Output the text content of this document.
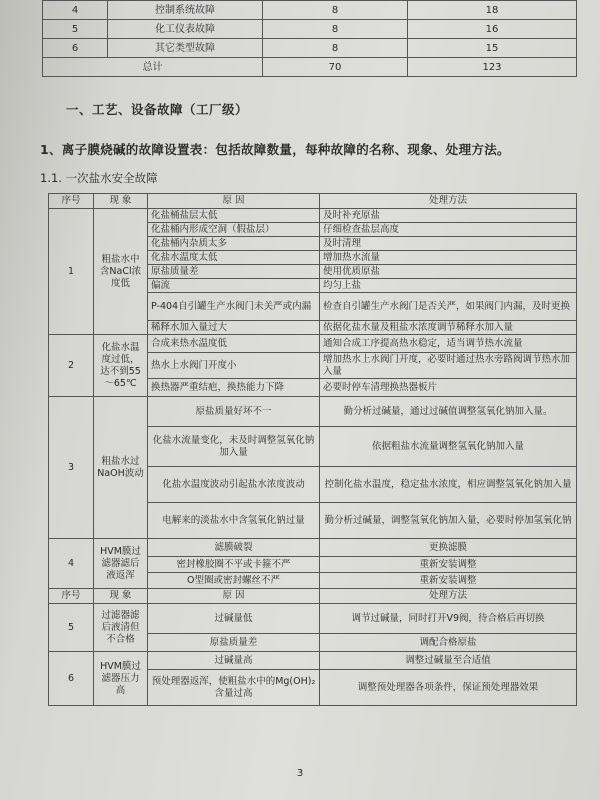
4	控制系统故障	8	18
5	化工仪表故障	8	16
6	其它类型故障	8	15
总计		70	123
一、工艺、设备故障（工厂级）
1、离子膜烧碱的故障设置表：包括故障数量，每种故障的名称、现象、处理方法。
1.1. 一次盐水安全故障
序号	现 象	原 因	处理方法
1	粗盐水中含NaCl浓度低	化盐桶盐层太低	及时补充原盐
		化盐桶内形成空洞（假盐层）	仔细检查盐层高度
		化盐桶内杂质太多	及时清理
		化盐水温度太低	增加热水流量
		原盐质量差	使用优质原盐
		偏流	均匀上盐
		P-404自引罐生产水阀门未关严或内漏	检查自引罐生产水阀门是否关严，如果阀门内漏，及时更换
		稀释水加入量过大	依据化盐水量及粗盐水浓度调节稀释水加入量
2	化盐水温度过低，达不到55～65℃	合成来热水温度低	通知合成工序提高热水稳定，适当调节热水流量
		热水上水阀门开度小	增加热水上水阀门开度，必要时通过热水旁路阀调节热水加入量
		换热器严重结疤，换热能力下降	必要时停车清理换热器板片
3	粗盐水过NaOH波动	原盐质量好坏不一	勤分析过碱量，通过过碱值调整氢氧化钠加入量。
		化盐水流量变化，未及时调整氢氧化钠加入量	依据粗盐水流量调整氢氧化钠加入量
		化盐水温度波动引起盐水浓度波动	控制化盐水温度，稳定盐水浓度，相应调整氢氧化钠加入量
		电解来的淡盐水中含氢氧化钠过量	勤分析过碱量，调整氢氧化钠加入量，必要时停加氢氧化钠
4	HVM膜过滤器滤后液返浑	滤膜破裂	更换滤膜
		密封橡胶圈不平或卡箍不严	重新安装调整
		O型圈或密封螺丝不严	重新安装调整
序号	现 象	原 因	处理方法
5	过滤器滤后液清但不合格	过碱量低	调节过碱量，同时打开V9阀，待合格后再切换
		原盐质量差	调配合格原盐
6	HVM膜过滤器压力高	过碱量高	调整过碱量至合适值
		预处理器返浑，使粗盐水中的Mg(OH)₂含量过高	调整预处理器各项条件，保证预处理器效果
3
